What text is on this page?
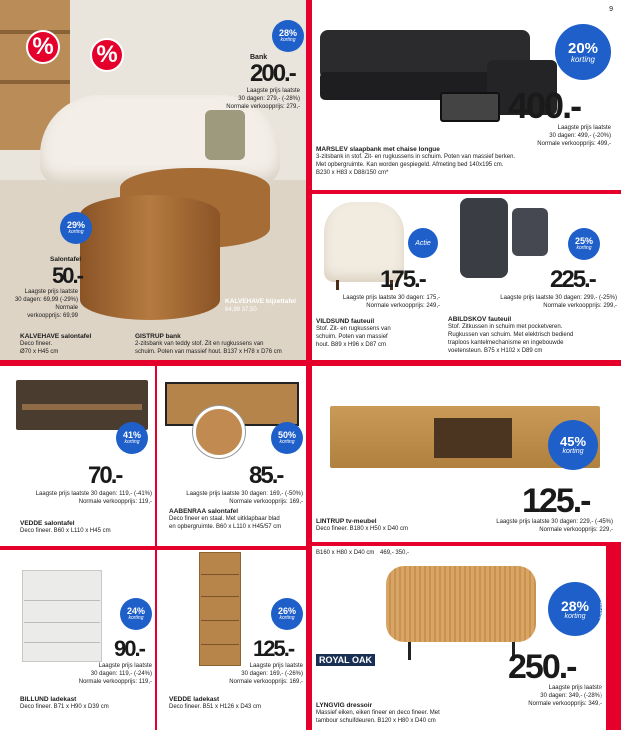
% %
28%
korting
Bank
200.-
Laagste prijs laatste
30 dagen: 279,- (-28%)
Normale verkoopprijs: 279,-
29%
korting
Salontafel
50.-
Laagste prijs laatste
30 dagen: 69,99 (-29%)
Normale
verkoopprijs: 69,99
KALVEHAVE bijzettafel
64,99 37,50
KALVEHAVE salontafel
Deco fineer.
Ø70 x H45 cm
GISTRUP bank
2-zitsbank van teddy stof. Zit en rugkussens van
schuim. Poten van massief hout. B137 x H78 x D76 cm
9
20%
korting
400.-
Laagste prijs laatste
30 dagen: 499,- (-20%)
Normale verkoopprijs: 499,-
MARSLEV slaapbank met chaise longue
3-zitsbank in stof. Zit- en rugkussens in schuim. Poten van massief berken.
Met opbergruimte. Kan worden gespiegeld. Afmeting bed 140x195 cm.
B230 x H83 x D88/150 cm*
Actie
175.-
Laagste prijs laatste 30 dagen: 175,-
Normale verkoopprijs: 249,-
VILDSUND fauteuil
Stof. Zit- en rugkussens van
schuim. Poten van massief
hout. B89 x H96 x D87 cm
25%
korting
225.-
Laagste prijs laatste 30 dagen: 299,- (-25%)
Normale verkoopprijs: 299,-
ABILDSKOV fauteuil
Stof. Zitkussen in schuim met pocketveren.
Rugkussen van schuim. Met elektrisch bediend
traploos kantelmechanisme en ingebouwde
voetensteun. B75 x H102 x D89 cm
41%
korting
70.-
Laagste prijs laatste 30 dagen: 119,- (-41%)
Normale verkoopprijs: 119,-
VEDDE salontafel
Deco fineer. B60 x L110 x H45 cm
50%
korting
85.-
Laagste prijs laatste 30 dagen: 169,- (-50%)
Normale verkoopprijs: 169,-
AABENRAA salontafel
Deco fineer en staal. Met uitklapbaar blad
en opbergruimte. B60 x L110 x H45/57 cm
45%
korting
125.-
Laagste prijs laatste 30 dagen: 229,- (-45%)
Normale verkoopprijs: 229,-
LINTRUP tv-meubel
Deco fineer. B180 x H50 x D40 cm
24%
korting
90.-
Laagste prijs laatste
30 dagen: 119,- (-24%)
Normale verkoopprijs: 119,-
BILLUND ladekast
Deco fineer. B71 x H90 x D39 cm
26%
korting
125.-
Laagste prijs laatste
30 dagen: 169,- (-26%)
Normale verkoopprijs: 169,-
VEDDE ladekast
Deco fineer. B51 x H126 x D43 cm
B160 x H80 x D40 cm 469,- 350,-
28%
korting
ROYAL OAK	250.-
Laagste prijs laatste
30 dagen: 349,- (-28%)
Normale verkoopprijs: 349,-
LYNGVIG dressoir
Massief eiken, eiken fineer en deco fineer. Met
tambour schuifdeuren. B120 x H80 x D40 cm
*Op dit artikel kan eventueel levertijd voorkomen
